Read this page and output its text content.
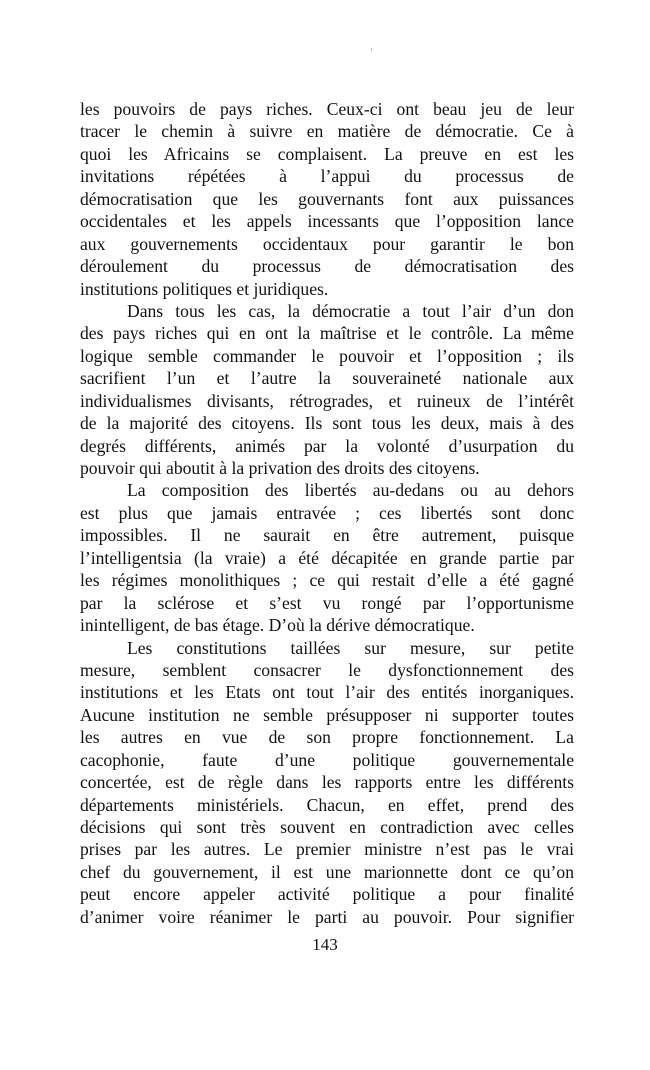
les pouvoirs de pays riches. Ceux-ci ont beau jeu de leur
tracer le chemin à suivre en matière de démocratie. Ce à
quoi les Africains se complaisent. La preuve en est les
invitations répétées à l’appui du processus de
démocratisation que les gouvernants font aux puissances
occidentales et les appels incessants que l’opposition lance
aux gouvernements occidentaux pour garantir le bon
déroulement du processus de démocratisation des
institutions politiques et juridiques.
Dans tous les cas, la démocratie a tout l’air d’un don
des pays riches qui en ont la maîtrise et le contrôle. La même
logique semble commander le pouvoir et l’opposition ; ils
sacrifient l’un et l’autre la souveraineté nationale aux
individualismes divisants, rétrogrades, et ruineux de l’intérêt
de la majorité des citoyens. Ils sont tous les deux, mais à des
degrés différents, animés par la volonté d’usurpation du
pouvoir qui aboutit à la privation des droits des citoyens.
La composition des libertés au-dedans ou au dehors
est plus que jamais entravée ; ces libertés sont donc
impossibles. Il ne saurait en être autrement, puisque
l’intelligentsia (la vraie) a été décapitée en grande partie par
les régimes monolithiques ; ce qui restait d’elle a été gagné
par la sclérose et s’est vu rongé par l’opportunisme
inintelligent, de bas étage. D’où la dérive démocratique.
Les constitutions taillées sur mesure, sur petite
mesure, semblent consacrer le dysfonctionnement des
institutions et les Etats ont tout l’air des entités inorganiques.
Aucune institution ne semble présupposer ni supporter toutes
les autres en vue de son propre fonctionnement. La
cacophonie, faute d’une politique gouvernementale
concertée, est de règle dans les rapports entre les différents
départements ministériels. Chacun, en effet, prend des
décisions qui sont très souvent en contradiction avec celles
prises par les autres. Le premier ministre n’est pas le vrai
chef du gouvernement, il est une marionnette dont ce qu’on
peut encore appeler activité politique a pour finalité
d’animer voire réanimer le parti au pouvoir. Pour signifier
143
